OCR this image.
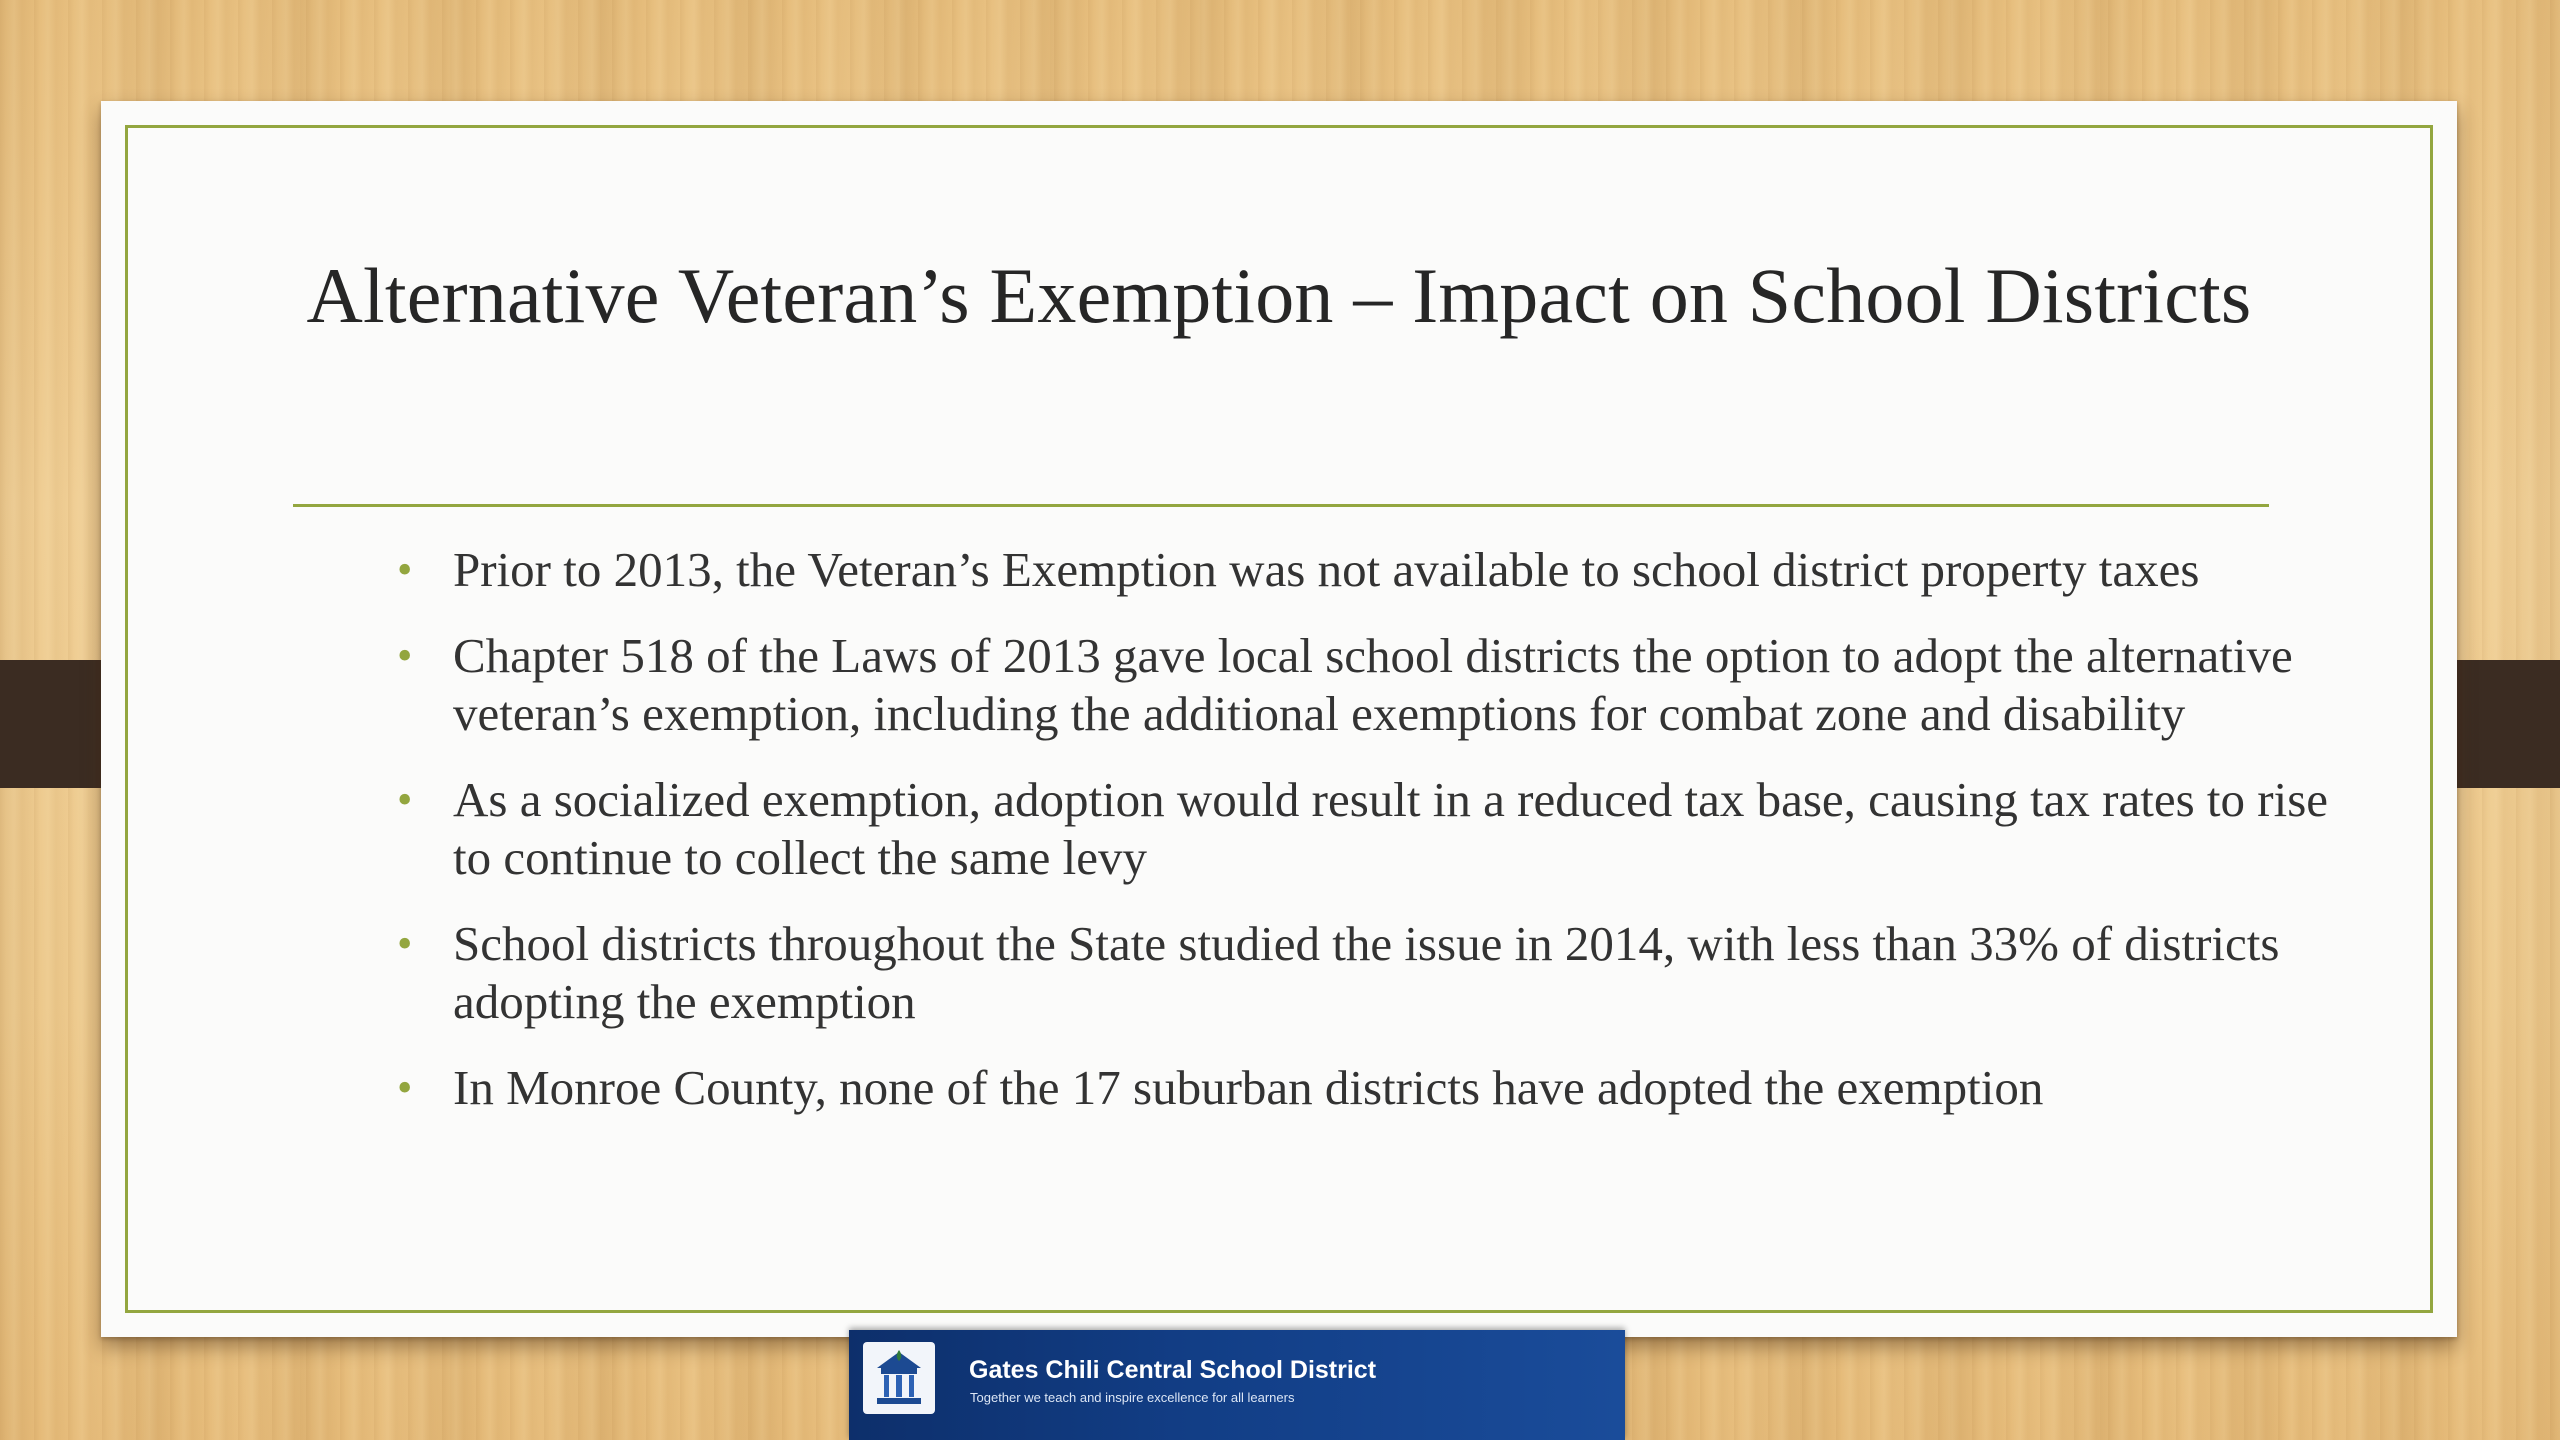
Alternative Veteran’s Exemption – Impact on School Districts
• Prior to 2013, the Veteran’s Exemption was not available to school district property taxes
• Chapter 518 of the Laws of 2013 gave local school districts the option to adopt the alternative veteran’s exemption, including the additional exemptions for combat zone and disability
• As a socialized exemption, adoption would result in a reduced tax base, causing tax rates to rise to continue to collect the same levy
• School districts throughout the State studied the issue in 2014, with less than 33% of districts adopting the exemption
• In Monroe County, none of the 17 suburban districts have adopted the exemption
Gates Chili Central School District
Together we teach and inspire excellence for all learners
